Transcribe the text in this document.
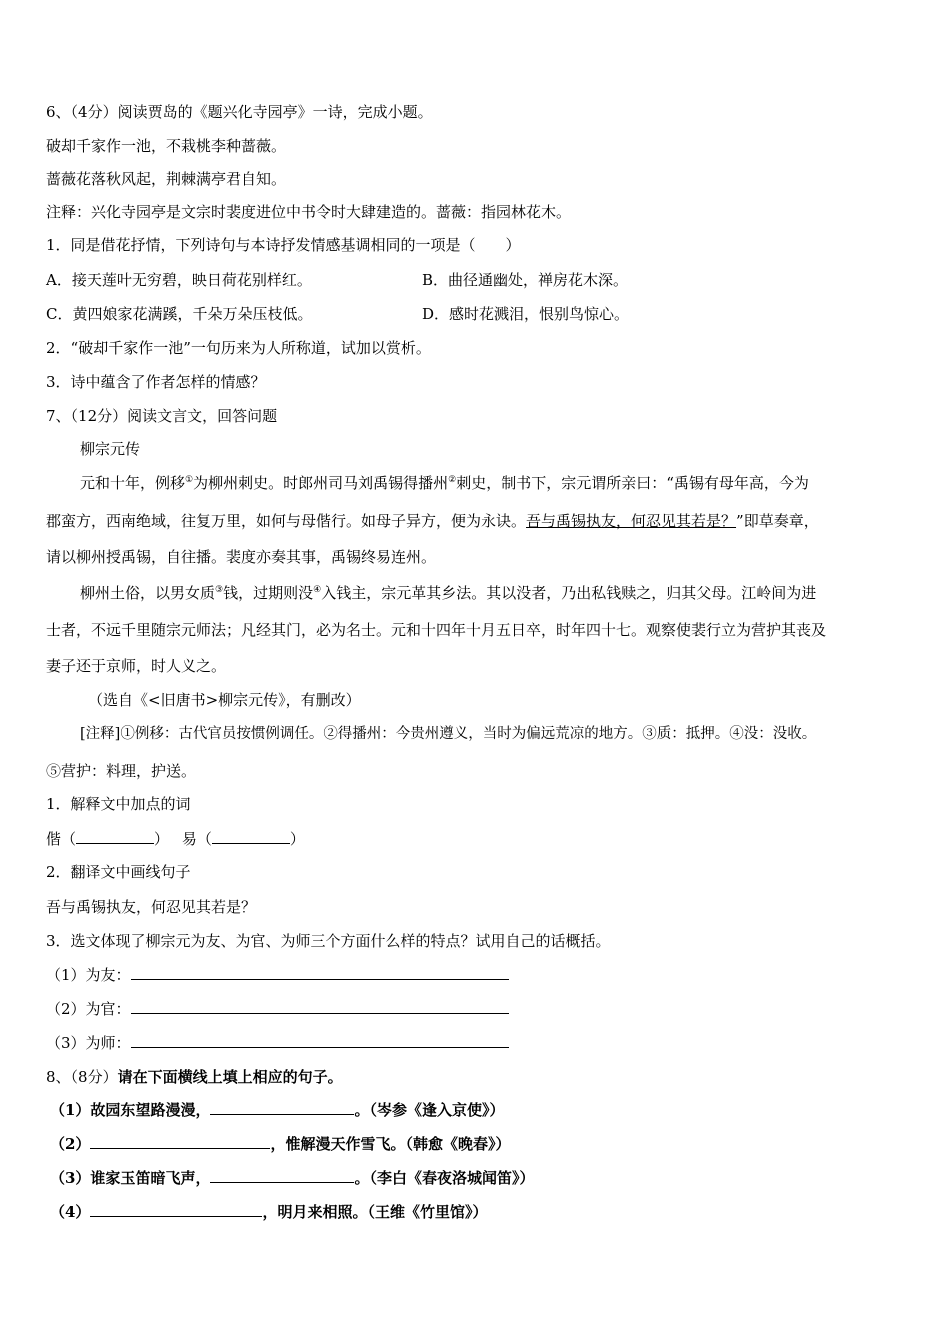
6、（4分）阅读贾岛的《题兴化寺园亭》一诗，完成小题。
破却千家作一池，不栽桃李种蔷薇。
蔷薇花落秋风起，荆棘满亭君自知。
注释：兴化寺园亭是文宗时裴度进位中书令时大肆建造的。蔷薇：指园林花木。
1．同是借花抒情，下列诗句与本诗抒发情感基调相同的一项是（　　）
A．接天莲叶无穷碧，映日荷花别样红。	B．曲径通幽处，禅房花木深。
C．黄四娘家花满蹊，千朵万朵压枝低。	D．感时花溅泪，恨别鸟惊心。
2．“破却千家作一池”一句历来为人所称道，试加以赏析。
3．诗中蕴含了作者怎样的情感？
7、（12分）阅读文言文，回答问题
柳宗元传
元和十年，例移①为柳州刺史。时郎州司马刘禹锡得播州②刺史，制书下，宗元谓所亲曰：“禹锡有母年高，今为
郡蛮方，西南绝域，往复万里，如何与母偕行。如母子异方，便为永诀。吾与禹锡执友，何忍见其若是？”即草奏章，
请以柳州授禹锡，自往播。裴度亦奏其事，禹锡终易连州。
柳州土俗，以男女质③钱，过期则没④入钱主，宗元革其乡法。其以没者，乃出私钱赎之，归其父母。江岭间为进
士者，不远千里随宗元师法；凡经其门，必为名士。元和十四年十月五日卒，时年四十七。观察使裴行立为营护其丧及
妻子还于京师，时人义之。
（选自《<旧唐书>柳宗元传》，有删改）
[注释]①例移：古代官员按惯例调任。②得播州：今贵州遵义，当时为偏远荒凉的地方。③质：抵押。④没：没收。
⑤营护：料理，护送。
1．解释文中加点的词
偕（	） 易（	）
2．翻译文中画线句子
吾与禹锡执友，何忍见其若是？
3．选文体现了柳宗元为友、为官、为师三个方面什么样的特点？试用自己的话概括。
（1）为友：
（2）为官：
（3）为师：
8、（8分）请在下面横线上填上相应的句子。
（1）故园东望路漫漫，	。（岑参《逢入京使》）
（2）	，惟解漫天作雪飞。（韩愈《晚春》）
（3）谁家玉笛暗飞声，	。（李白《春夜洛城闻笛》）
（4）	，明月来相照。（王维《竹里馆》）
